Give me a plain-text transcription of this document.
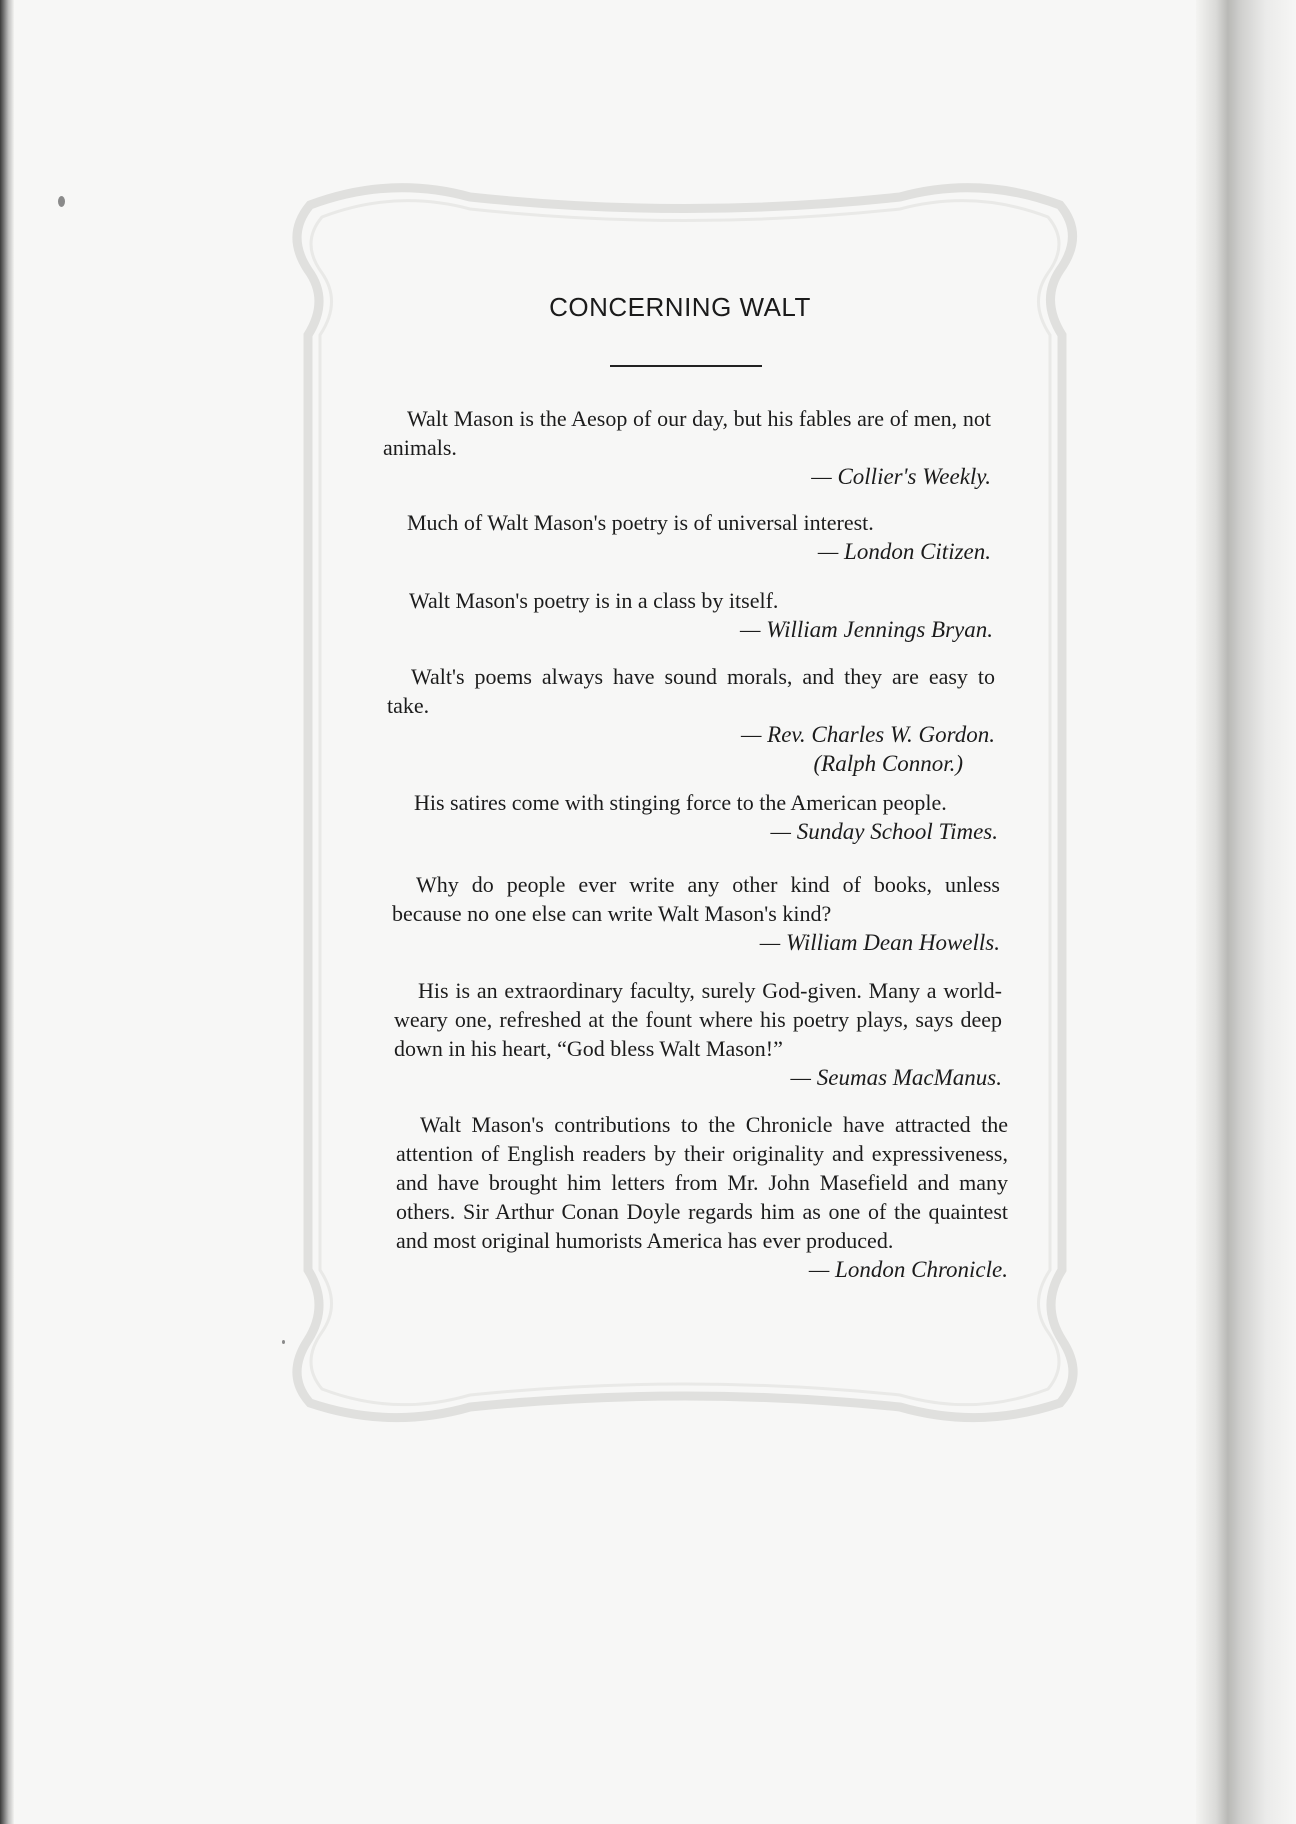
CONCERNING WALT

Walt Mason is the Aesop of our day, but his fables are of men, not animals.

— Collier's Weekly.

Much of Walt Mason's poetry is of universal interest.

— London Citizen.

Walt Mason's poetry is in a class by itself.

— William Jennings Bryan.

Walt's poems always have sound morals, and they are easy to take.

— Rev. Charles W. Gordon.
(Ralph Connor.)

His satires come with stinging force to the American people.

— Sunday School Times.

Why do people ever write any other kind of books, unless because no one else can write Walt Mason's kind?

— William Dean Howells.

His is an extraordinary faculty, surely God-given. Many a world-weary one, refreshed at the fount where his poetry plays, says deep down in his heart, “God bless Walt Mason!”

— Seumas MacManus.

Walt Mason's contributions to the Chronicle have attracted the attention of English readers by their originality and expressiveness, and have brought him letters from Mr. John Masefield and many others. Sir Arthur Conan Doyle regards him as one of the quaintest and most original humorists America has ever produced.

— London Chronicle.
